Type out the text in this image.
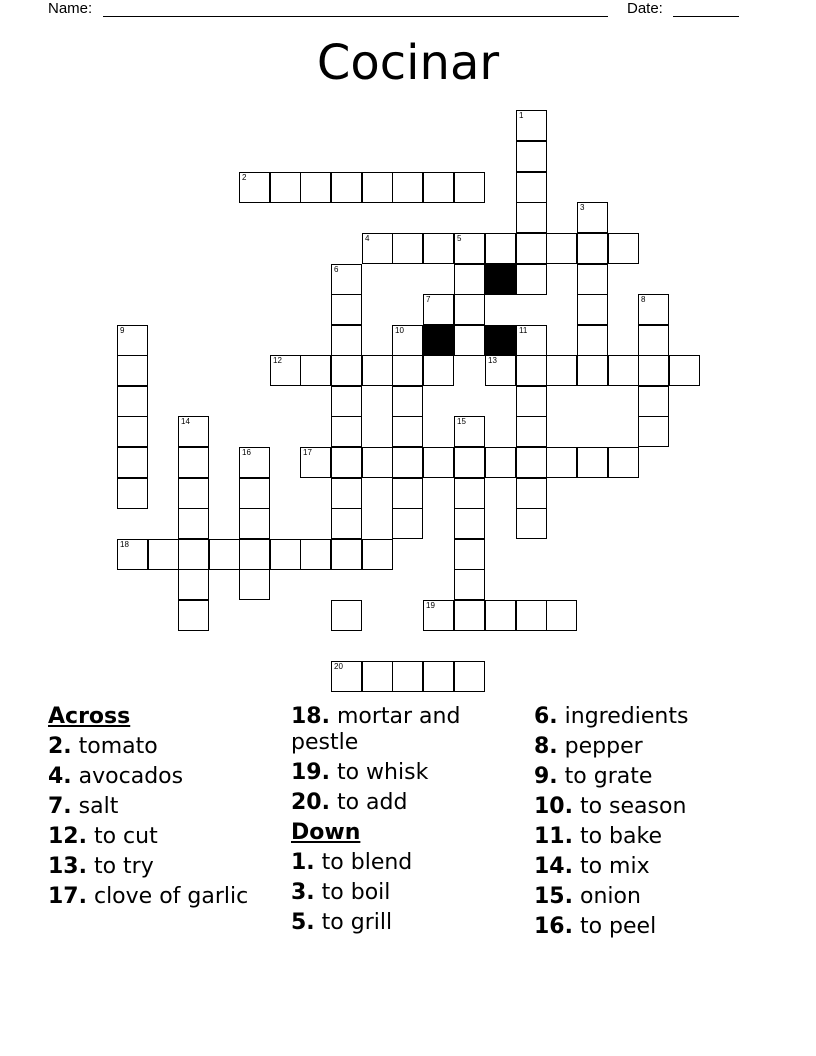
Name:	Date:
Cocinar
1
2
3
4	5
6
7	8
9	10	11
12	13
14	15
16	17
18
19
20
Across
2. tomato
4. avocados
7. salt
12. to cut
13. to try
17. clove of garlic
18. mortar and pestle
19. to whisk
20. to add
Down
1. to blend
3. to boil
5. to grill
6. ingredients
8. pepper
9. to grate
10. to season
11. to bake
14. to mix
15. onion
16. to peel
